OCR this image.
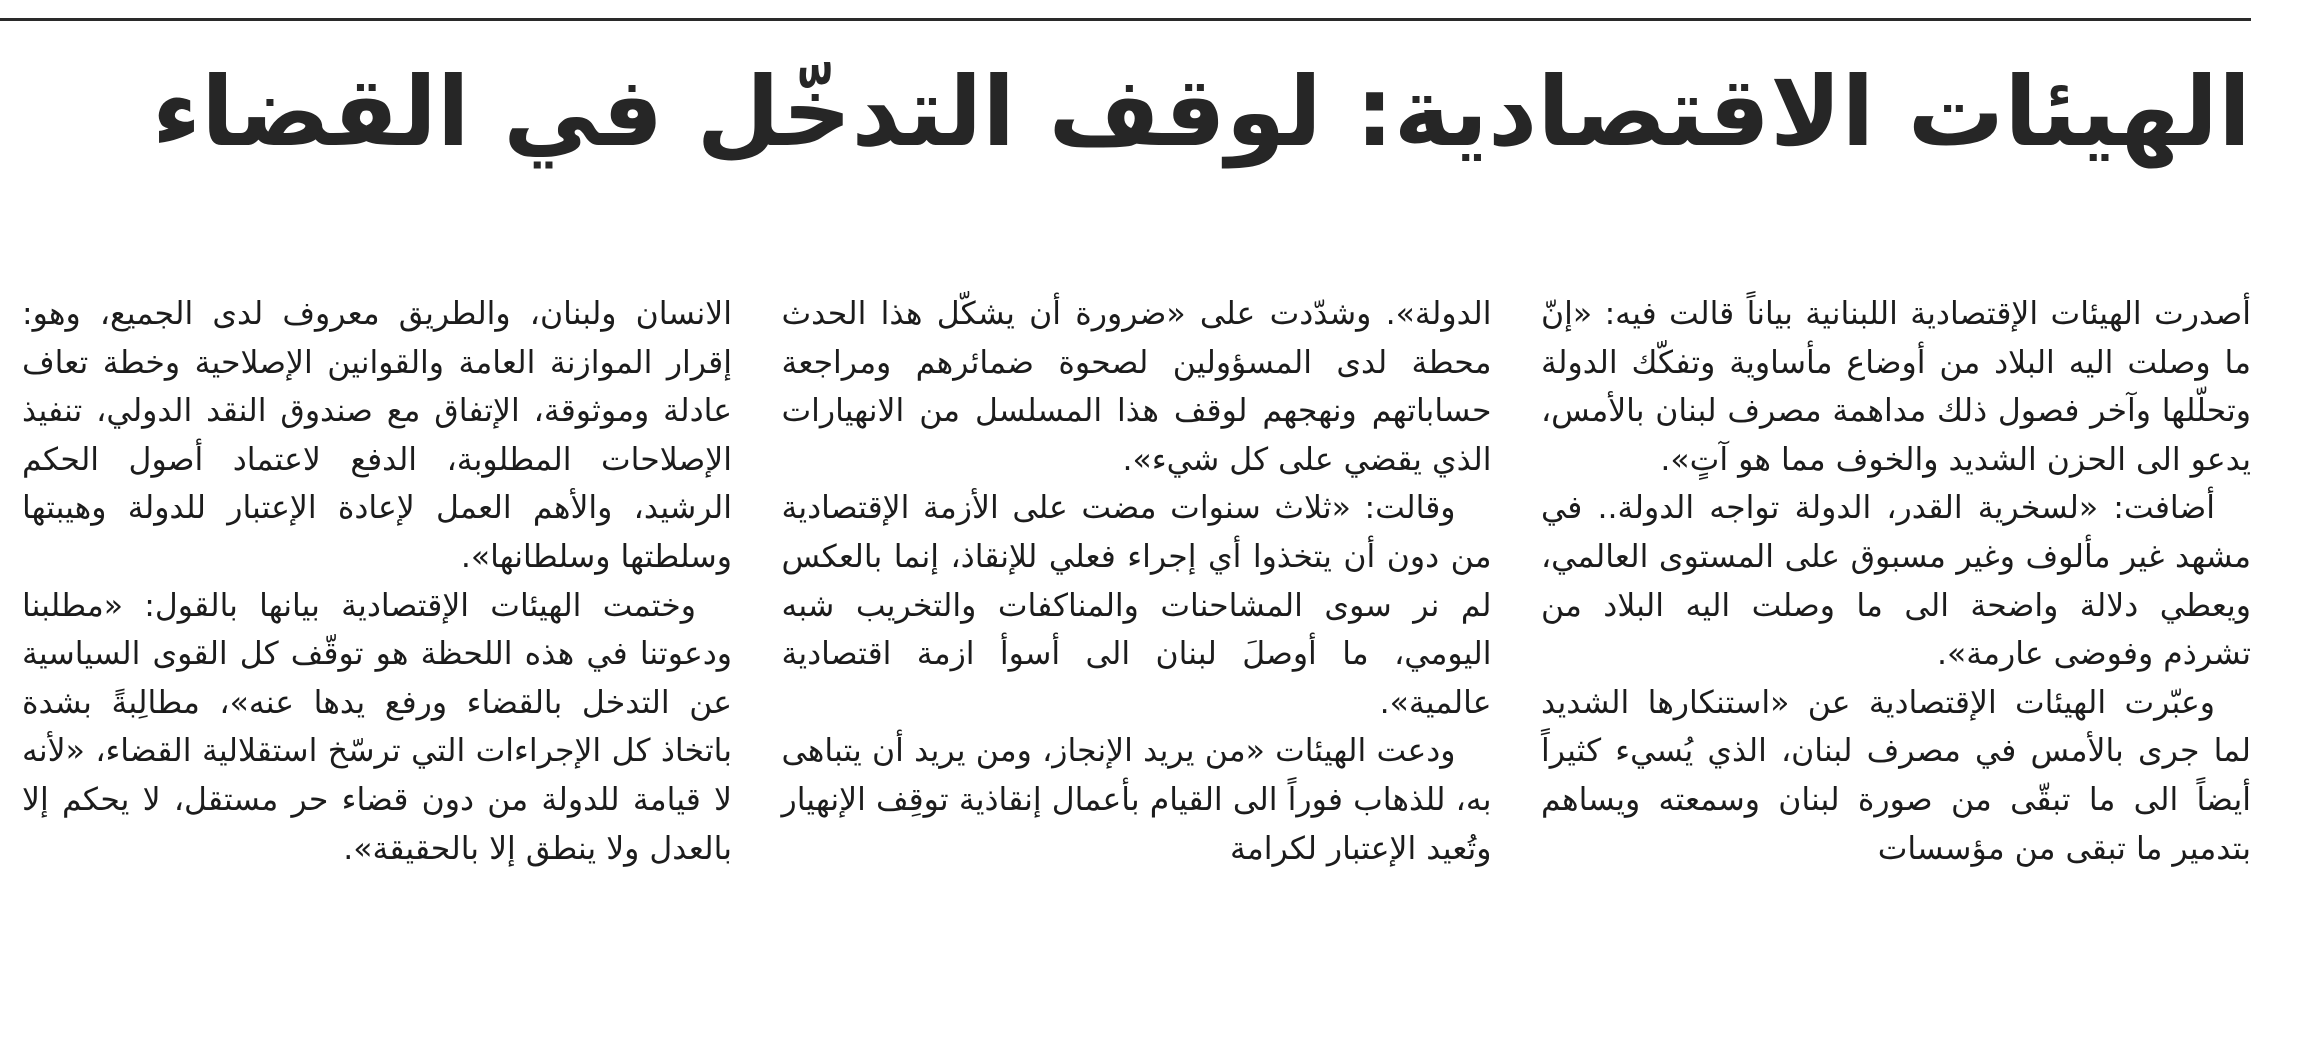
الهيئات الاقتصادية: لوقف التدخّل في القضاء

أصدرت الهيئات الإقتصادية اللبنانية بياناً قالت فيه: «إنّ ما وصلت اليه البلاد من أوضاع مأساوية وتفكّك الدولة وتحلّلها وآخر فصول ذلك مداهمة مصرف لبنان بالأمس، يدعو الى الحزن الشديد والخوف مما هو آتٍ».

أضافت: «لسخرية القدر، الدولة تواجه الدولة.. في مشهد غير مألوف وغير مسبوق على المستوى العالمي، ويعطي دلالة واضحة الى ما وصلت اليه البلاد من تشرذم وفوضى عارمة».

وعبّرت الهيئات الإقتصادية عن «استنكارها الشديد لما جرى بالأمس في مصرف لبنان، الذي يُسيء كثيراً أيضاً الى ما تبقّى من صورة لبنان وسمعته ويساهم بتدمير ما تبقى من مؤسسات

الدولة». وشدّدت على «ضرورة أن يشكّل هذا الحدث محطة لدى المسؤولين لصحوة ضمائرهم ومراجعة حساباتهم ونهجهم لوقف هذا المسلسل من الانهيارات الذي يقضي على كل شيء».

وقالت: «ثلاث سنوات مضت على الأزمة الإقتصادية من دون أن يتخذوا أي إجراء فعلي للإنقاذ، إنما بالعكس لم نر سوى المشاحنات والمناكفات والتخريب شبه اليومي، ما أوصلَ لبنان الى أسوأ ازمة اقتصادية عالمية».

ودعت الهيئات «من يريد الإنجاز، ومن يريد أن يتباهى به، للذهاب فوراً الى القيام بأعمال إنقاذية توقِف الإنهيار وتُعيد الإعتبار لكرامة

الانسان ولبنان، والطريق معروف لدى الجميع، وهو: إقرار الموازنة العامة والقوانين الإصلاحية وخطة تعاف عادلة وموثوقة، الإتفاق مع صندوق النقد الدولي، تنفيذ الإصلاحات المطلوبة، الدفع لاعتماد أصول الحكم الرشيد، والأهم العمل لإعادة الإعتبار للدولة وهيبتها وسلطتها وسلطانها».

وختمت الهيئات الإقتصادية بيانها بالقول: «مطلبنا ودعوتنا في هذه اللحظة هو توقّف كل القوى السياسية عن التدخل بالقضاء ورفع يدها عنه»، مطالِبةً بشدة باتخاذ كل الإجراءات التي ترسّخ استقلالية القضاء، «لأنه لا قيامة للدولة من دون قضاء حر مستقل، لا يحكم إلا بالعدل ولا ينطق إلا بالحقيقة».
